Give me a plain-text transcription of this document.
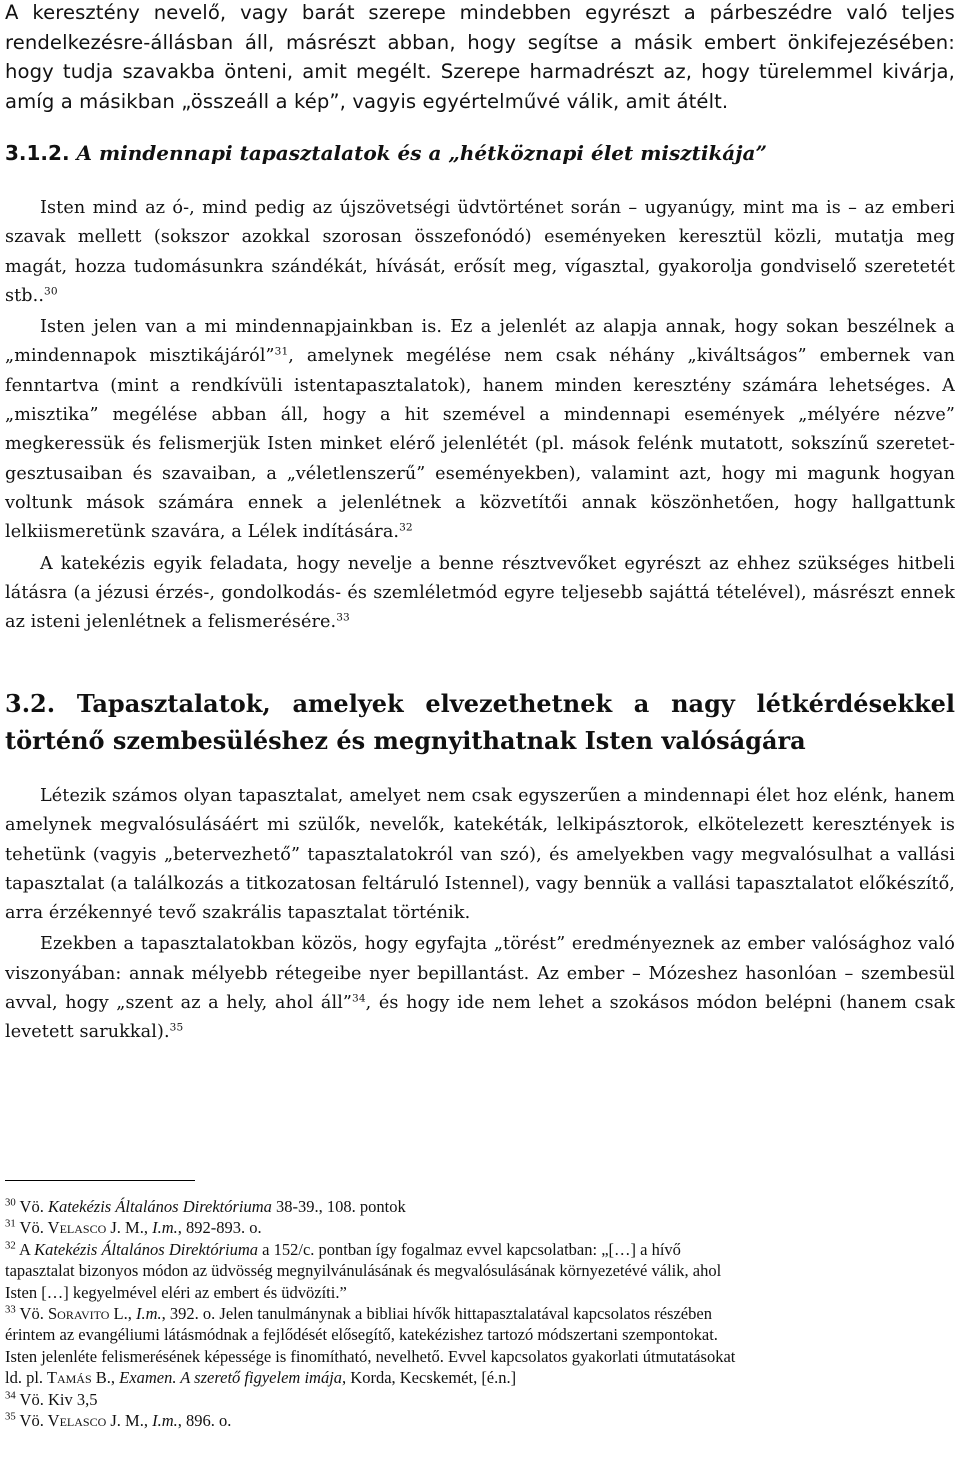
A keresztény nevelő, vagy barát szerepe mindebben egyrészt a párbeszédre való teljes rendelkezésre-állásban áll, másrészt abban, hogy segítse a másik embert önkifejezésében: hogy tudja szavakba önteni, amit megélt. Szerepe harmadrészt az, hogy türelemmel kivárja, amíg a másikban „összeáll a kép”, vagyis egyértelművé válik, amit átélt.

3.1.2. A mindennapi tapasztalatok és a „hétköznapi élet misztikája”

Isten mind az ó-, mind pedig az újszövetségi üdvtörténet során – ugyanúgy, mint ma is – az emberi szavak mellett (sokszor azokkal szorosan összefonódó) eseményeken keresztül közli, mutatja meg magát, hozza tudomásunkra szándékát, hívását, erősít meg, vígasztal, gyakorolja gondviselő szeretetét stb..$^{30}$

Isten jelen van a mi mindennapjainkban is. Ez a jelenlét az alapja annak, hogy sokan beszélnek a „mindennapok misztikájáról”$^{31}$, amelynek megélése nem csak néhány „kiváltságos” embernek van fenntartva (mint a rendkívüli istentapasztalatok), hanem minden keresztény számára lehetséges. A „misztika” megélése abban áll, hogy a hit szemével a mindennapi események „mélyére nézve” megkeressük és felismerjük Isten minket elérő jelenlétét (pl. mások felénk mutatott, sokszínű szeretet-gesztusaiban és szavaiban, a „véletlenszerű” eseményekben), valamint azt, hogy mi magunk hogyan voltunk mások számára ennek a jelenlétnek a közvetítői annak köszönhetően, hogy hallgattunk lelkiismeretünk szavára, a Lélek indítására.$^{32}$

A katekézis egyik feladata, hogy nevelje a benne résztvevőket egyrészt az ehhez szükséges hitbeli látásra (a jézusi érzés-, gondolkodás- és szemléletmód egyre teljesebb sajáttá tételével), másrészt ennek az isteni jelenlétnek a felismerésére.$^{33}$

3.2. Tapasztalatok, amelyek elvezethetnek a nagy létkérdésekkel történő szembesüléshez és megnyithatnak Isten valóságára

Létezik számos olyan tapasztalat, amelyet nem csak egyszerűen a mindennapi élet hoz elénk, hanem amelynek megvalósulásáért mi szülők, nevelők, katekéták, lelkipásztorok, elkötelezett keresztények is tehetünk (vagyis „betervezhető” tapasztalatokról van szó), és amelyekben vagy megvalósulhat a vallási tapasztalat (a találkozás a titkozatosan feltáruló Istennel), vagy bennük a vallási tapasztalatot előkészítő, arra érzékennyé tevő szakrális tapasztalat történik.

Ezekben a tapasztalatokban közös, hogy egyfajta „törést” eredményeznek az ember valósághoz való viszonyában: annak mélyebb rétegeibe nyer bepillantást. Az ember – Mózeshez hasonlóan – szembesül avval, hogy „szent az a hely, ahol áll”$^{34}$, és hogy ide nem lehet a szokásos módon belépni (hanem csak levetett sarukkal).$^{35}$

$^{30}$ Vö. Katekézis Általános Direktóriuma 38-39., 108. pontok

$^{31}$ Vö. Velasco J. M., I.m., 892-893. o.

$^{32}$ A Katekézis Általános Direktóriuma a 152/c. pontban így fogalmaz evvel kapcsolatban: „[…] a hívő

tapasztalat bizonyos módon az üdvösség megnyilvánulásának és megvalósulásának környezetévé válik, ahol

Isten […] kegyelmével eléri az embert és üdvözíti.”

$^{33}$ Vö. Soravito L., I.m., 392. o. Jelen tanulmánynak a bibliai hívők hittapasztalatával kapcsolatos részében

érintem az evangéliumi látásmódnak a fejlődését elősegítő, katekézishez tartozó módszertani szempontokat.

Isten jelenléte felismerésének képessége is finomítható, nevelhető. Evvel kapcsolatos gyakorlati útmutatásokat

ld. pl. Tamás B., Examen. A szerető figyelem imája, Korda, Kecskemét, [é.n.]

$^{34}$ Vö. Kiv 3,5

$^{35}$ Vö. Velasco J. M., I.m., 896. o.
